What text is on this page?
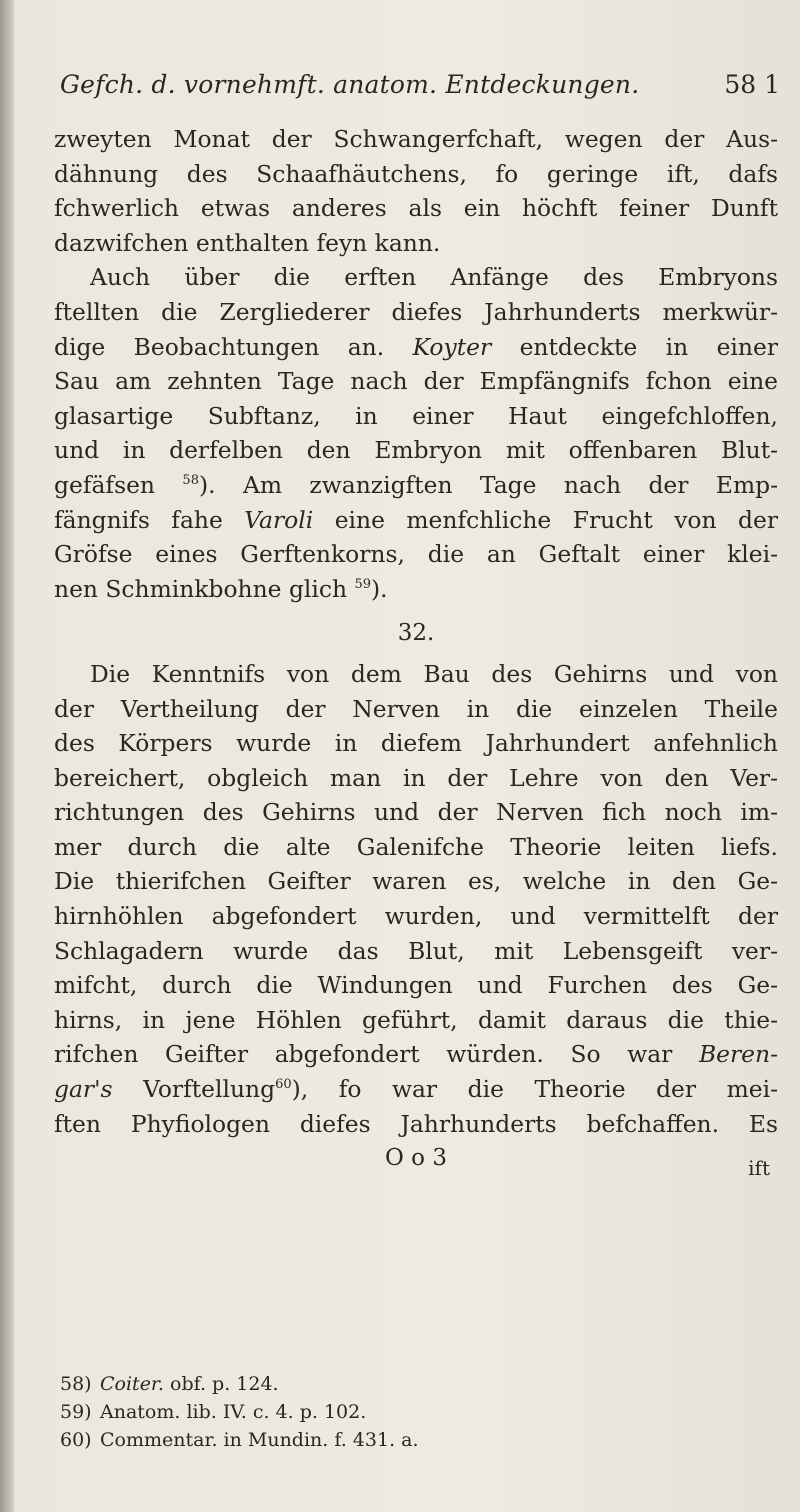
Gefch. d. vornehmft. anatom. Entdeckungen.	58 1
zweyten Monat der Schwangerfchaft, wegen der Aus-
dähnung des Schaafhäutchens, fo geringe ift, dafs
fchwerlich etwas anderes als ein höchft feiner Dunft
dazwifchen enthalten feyn kann.
Auch über die erften Anfänge des Embryons
ftellten die Zergliederer diefes Jahrhunderts merkwür-
dige Beobachtungen an. Koyter entdeckte in einer
Sau am zehnten Tage nach der Empfängnifs fchon eine
glasartige Subftanz, in einer Haut eingefchloffen,
und in derfelben den Embryon mit offenbaren Blut-
gefäfsen $^{58}$). Am zwanzigften Tage nach der Emp-
fängnifs fahe Varoli eine menfchliche Frucht von der
Gröfse eines Gerftenkorns, die an Geftalt einer klei-
nen Schminkbohne glich $^{59}$).
32.
Die Kenntnifs von dem Bau des Gehirns und von
der Vertheilung der Nerven in die einzelen Theile
des Körpers wurde in diefem Jahrhundert anfehnlich
bereichert, obgleich man in der Lehre von den Ver-
richtungen des Gehirns und der Nerven fich noch im-
mer durch die alte Galenifche Theorie leiten liefs.
Die thierifchen Geifter waren es, welche in den Ge-
hirnhöhlen abgefondert wurden, und vermittelft der
Schlagadern wurde das Blut, mit Lebensgeift ver-
mifcht, durch die Windungen und Furchen des Ge-
hirns, in jene Höhlen geführt, damit daraus die thie-
rifchen Geifter abgefondert würden. So war Beren-
gar's Vorftellung$^{60}$), fo war die Theorie der mei-
ften Phyfiologen diefes Jahrhunderts befchaffen. Es
O o 3	ift
58) Coiter. obf. p. 124.
59) Anatom. lib. IV. c. 4. p. 102.
60) Commentar. in Mundin. f. 431. a.
